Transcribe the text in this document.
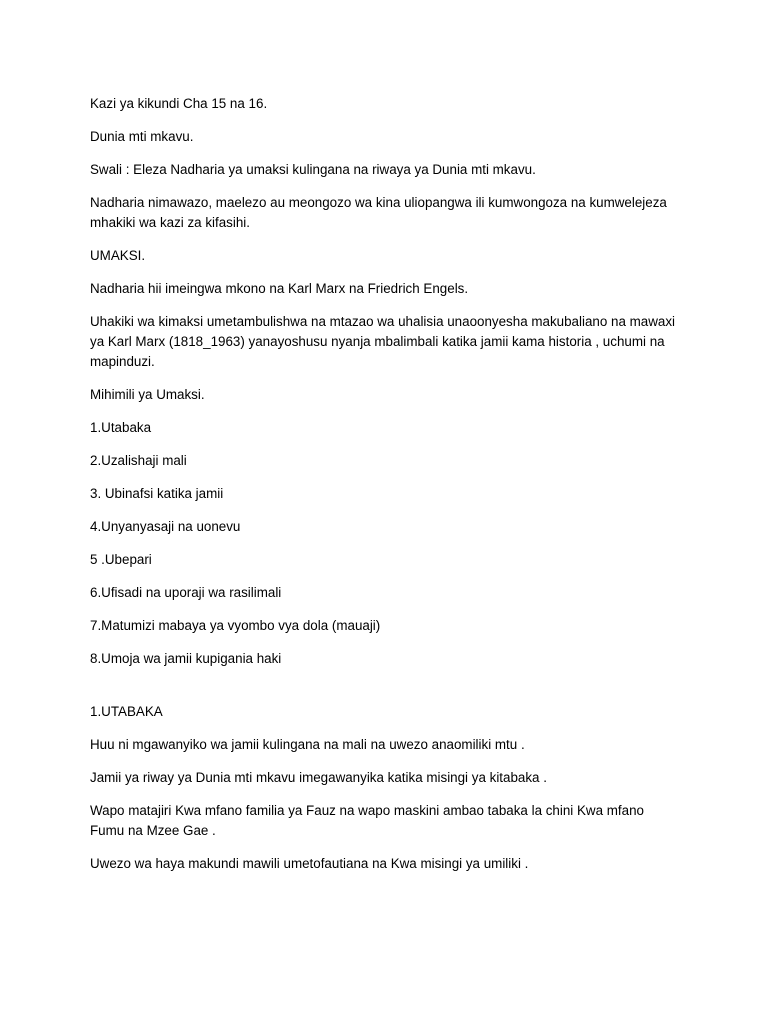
Kazi ya kikundi Cha 15 na 16.

Dunia mti mkavu.

Swali : Eleza Nadharia ya umaksi kulingana na riwaya ya Dunia mti mkavu.

Nadharia nimawazo, maelezo au meongozo wa kina uliopangwa ili kumwongoza na kumwelejeza mhakiki wa kazi za kifasihi.

UMAKSI.

Nadharia hii imeingwa mkono na Karl Marx na Friedrich Engels.

Uhakiki wa kimaksi umetambulishwa na mtazao wa uhalisia unaoonyesha makubaliano na mawaxi ya Karl Marx (1818_1963) yanayoshusu nyanja mbalimbali katika jamii kama historia , uchumi na mapinduzi.

Mihimili ya Umaksi.

1.Utabaka

2.Uzalishaji mali

3. Ubinafsi katika jamii

4.Unyanyasaji na uonevu

5 .Ubepari

6.Ufisadi na uporaji wa rasilimali

7.Matumizi mabaya ya vyombo vya dola (mauaji)

8.Umoja wa jamii kupigania haki

1.UTABAKA

Huu ni mgawanyiko wa jamii kulingana na mali na uwezo anaomiliki mtu .

Jamii ya riway ya Dunia mti mkavu imegawanyika katika misingi ya kitabaka .

Wapo matajiri Kwa mfano familia ya Fauz na wapo maskini ambao tabaka la chini Kwa mfano Fumu na Mzee Gae .

Uwezo wa haya makundi mawili umetofautiana na Kwa misingi ya umiliki .
